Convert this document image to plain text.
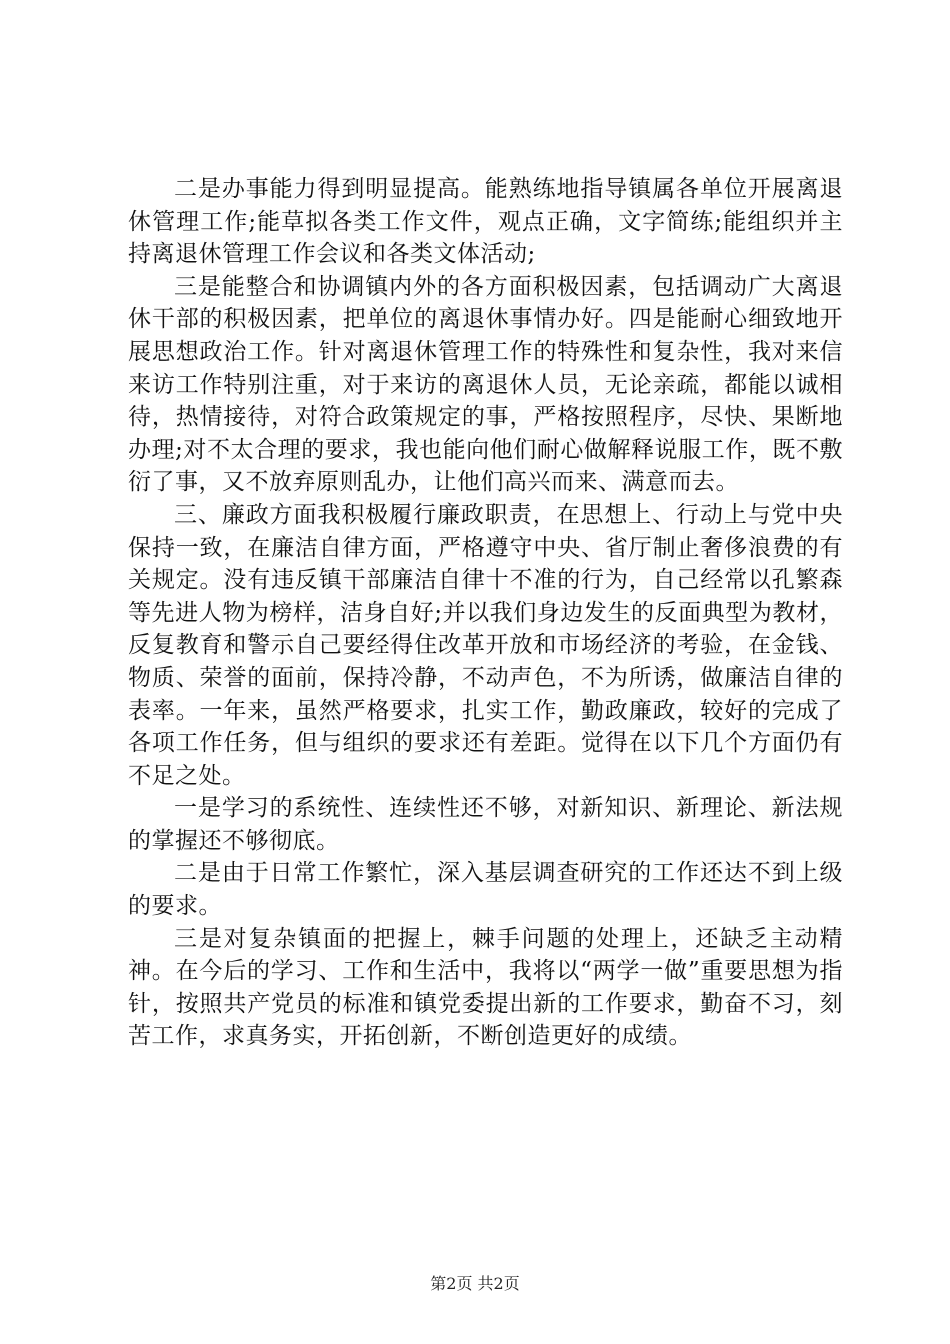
二是办事能力得到明显提高。能熟练地指导镇属各单位开展离退休管理工作;能草拟各类工作文件，观点正确，文字简练;能组织并主持离退休管理工作会议和各类文体活动;

三是能整合和协调镇内外的各方面积极因素，包括调动广大离退休干部的积极因素，把单位的离退休事情办好。四是能耐心细致地开展思想政治工作。针对离退休管理工作的特殊性和复杂性，我对来信来访工作特别注重，对于来访的离退休人员，无论亲疏，都能以诚相待，热情接待，对符合政策规定的事，严格按照程序，尽快、果断地办理;对不太合理的要求，我也能向他们耐心做解释说服工作，既不敷衍了事，又不放弃原则乱办，让他们高兴而来、满意而去。

三、廉政方面我积极履行廉政职责，在思想上、行动上与党中央保持一致，在廉洁自律方面，严格遵守中央、省厅制止奢侈浪费的有关规定。没有违反镇干部廉洁自律十不准的行为，自己经常以孔繁森等先进人物为榜样，洁身自好;并以我们身边发生的反面典型为教材，反复教育和警示自己要经得住改革开放和市场经济的考验，在金钱、物质、荣誉的面前，保持冷静，不动声色，不为所诱，做廉洁自律的表率。一年来，虽然严格要求，扎实工作，勤政廉政，较好的完成了各项工作任务，但与组织的要求还有差距。觉得在以下几个方面仍有不足之处。

一是学习的系统性、连续性还不够，对新知识、新理论、新法规的掌握还不够彻底。

二是由于日常工作繁忙，深入基层调查研究的工作还达不到上级的要求。

三是对复杂镇面的把握上，棘手问题的处理上，还缺乏主动精神。在今后的学习、工作和生活中，我将以“两学一做”重要思想为指针，按照共产党员的标准和镇党委提出新的工作要求，勤奋不习，刻苦工作，求真务实，开拓创新，不断创造更好的成绩。

第2页 共2页
